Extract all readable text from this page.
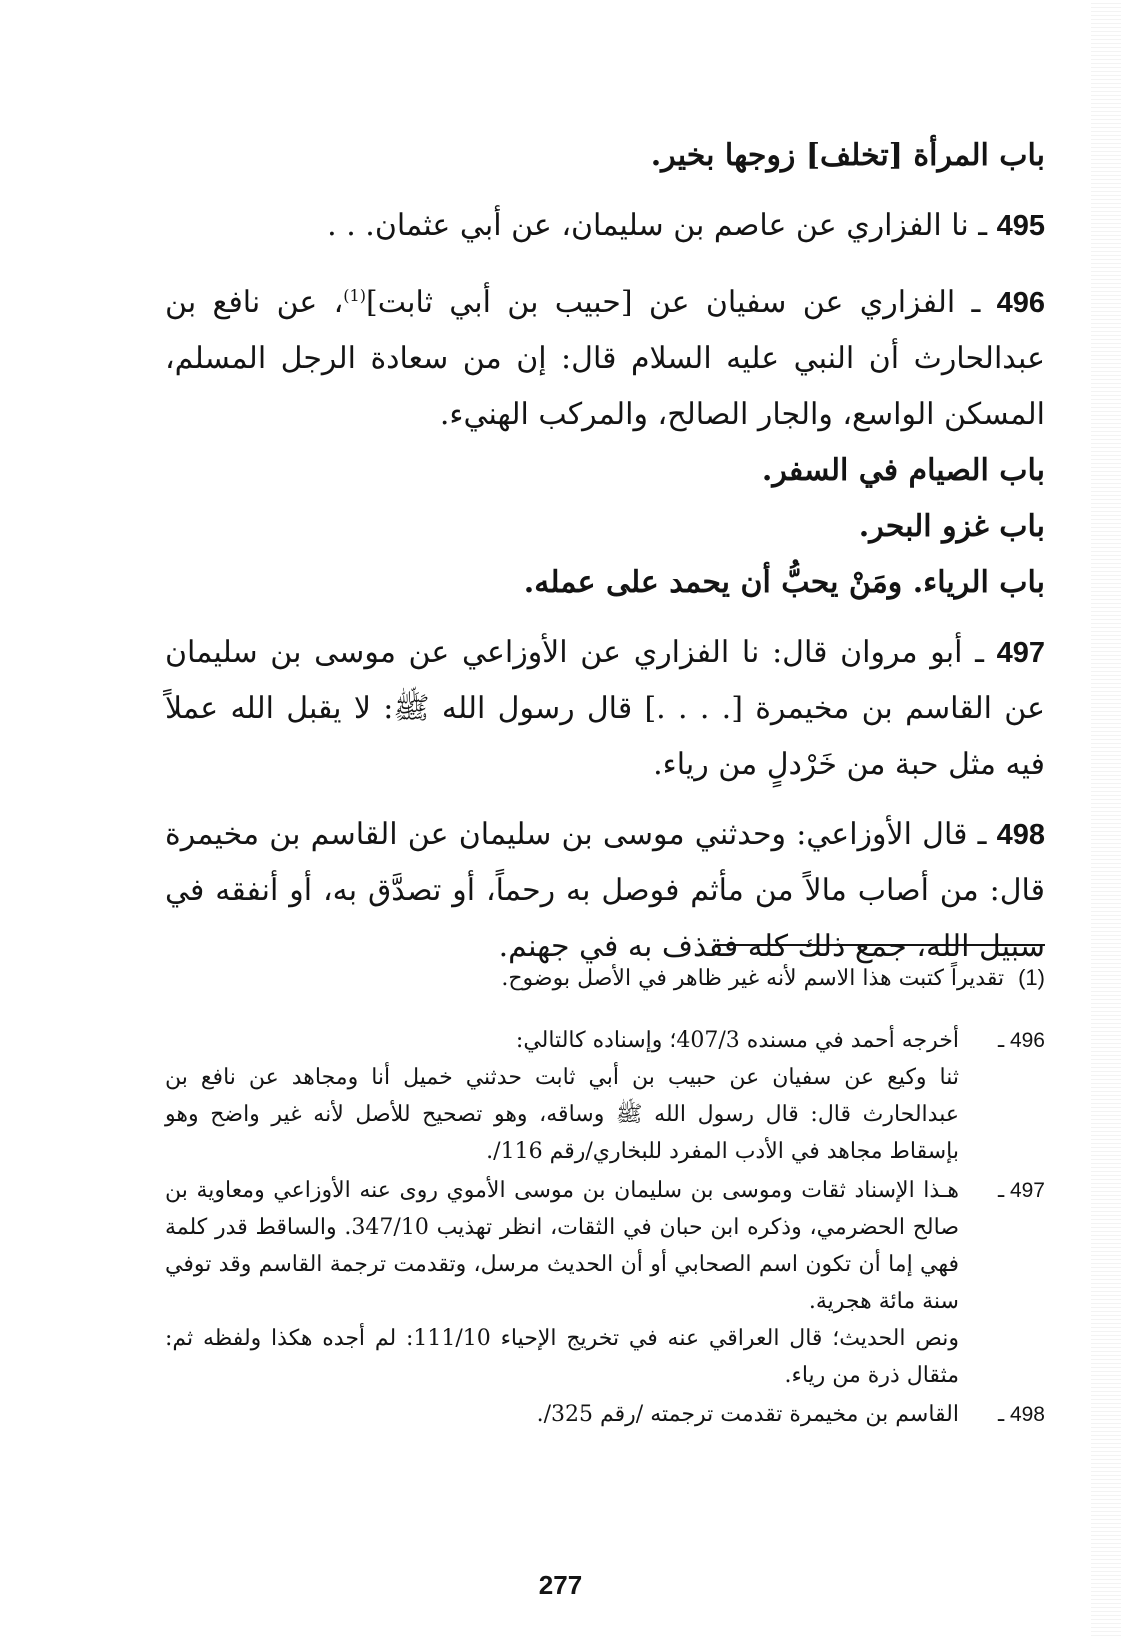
باب المرأة [تخلف] زوجها بخير.

495 ـ نا الفزاري عن عاصم بن سليمان، عن أبي عثمان. . .

496 ـ الفزاري عن سفيان عن [حبيب بن أبي ثابت]$^{(1)}$، عن نافع بن عبدالحارث أن النبي عليه السلام قال: إن من سعادة الرجل المسلم، المسكن الواسع، والجار الصالح، والمركب الهنيء.

باب الصيام في السفر.

باب غزو البحر.

باب الرياء. ومَنْ يحبُّ أن يحمد على عمله.

497 ـ أبو مروان قال: نا الفزاري عن الأوزاعي عن موسى بن سليمان عن القاسم بن مخيمرة [. . . .] قال رسول الله ﷺ: لا يقبل الله عملاً فيه مثل حبة من خَرْدلٍ من رياء.

498 ـ قال الأوزاعي: وحدثني موسى بن سليمان عن القاسم بن مخيمرة قال: من أصاب مالاً من مأثم فوصل به رحماً، أو تصدَّق به، أو أنفقه في سبيل الله، جمع ذلك كله فقذف به في جهنم.

(1)  تقديراً كتبت هذا الاسم لأنه غير ظاهر في الأصل بوضوح.

496 ـ
أخرجه أحمد في مسنده 407/3؛ وإسناده كالتالي:
ثنا وكيع عن سفيان عن حبيب بن أبي ثابت حدثني خميل أنا ومجاهد عن نافع بن عبدالحارث قال: قال رسول الله ﷺ وساقه، وهو تصحيح للأصل لأنه غير واضح وهو بإسقاط مجاهد في الأدب المفرد للبخاري/رقم 116/.
497 ـ
هـذا الإسناد ثقات وموسى بن سليمان بن موسى الأموي روى عنه الأوزاعي ومعاوية بن صالح الحضرمي، وذكره ابن حبان في الثقات، انظر تهذيب 347/10. والساقط قدر كلمة فهي إما أن تكون اسم الصحابي أو أن الحديث مرسل، وتقدمت ترجمة القاسم وقد توفي سنة مائة هجرية.
ونص الحديث؛ قال العراقي عنه في تخريج الإحياء 111/10: لم أجده هكذا ولفظه ثم: مثقال ذرة من رياء.
498 ـ
القاسم بن مخيمرة تقدمت ترجمته /رقم 325/.
277
